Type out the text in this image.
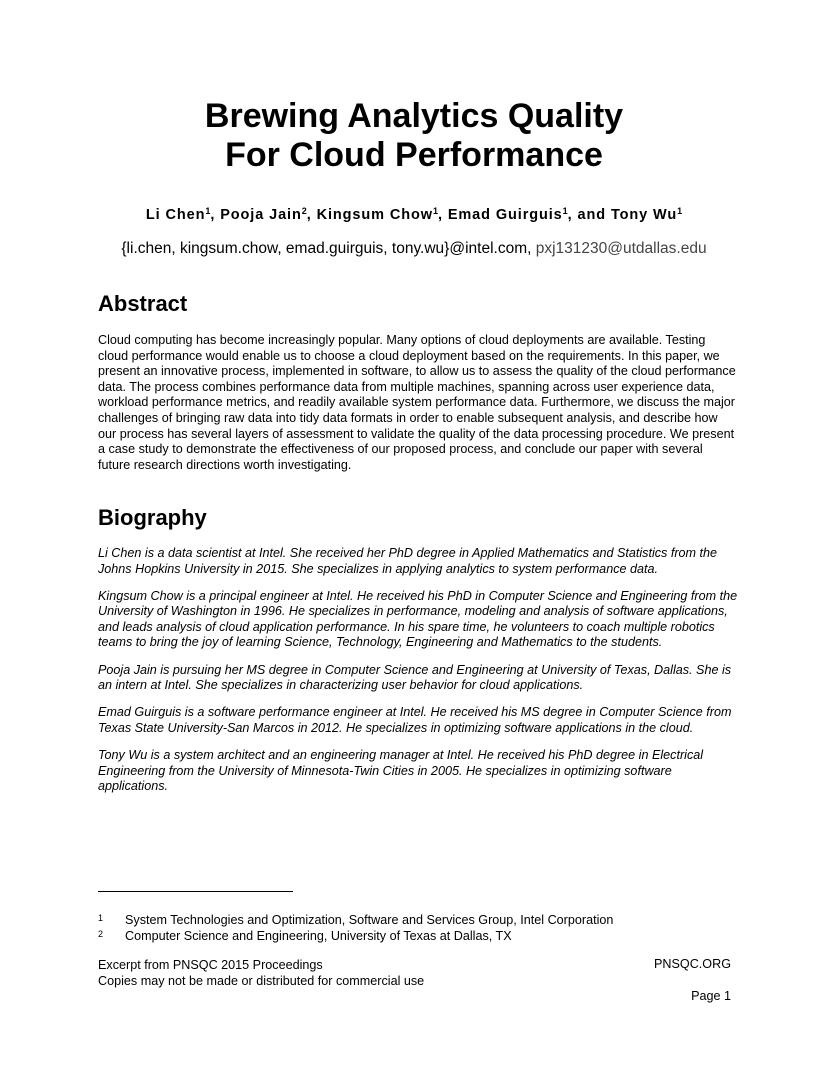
Brewing Analytics Quality
For Cloud Performance
Li Chen$^1$, Pooja Jain$^2$, Kingsum Chow$^1$, Emad Guirguis$^1$, and Tony Wu$^1$
{li.chen, kingsum.chow, emad.guirguis, tony.wu}@intel.com, pxj131230@utdallas.edu
Abstract

Cloud computing has become increasingly popular. Many options of cloud deployments are available. Testing cloud performance would enable us to choose a cloud deployment based on the requirements. In this paper, we present an innovative process, implemented in software, to allow us to assess the quality of the cloud performance data. The process combines performance data from multiple machines, spanning across user experience data, workload performance metrics, and readily available system performance data. Furthermore, we discuss the major challenges of bringing raw data into tidy data formats in order to enable subsequent analysis, and describe how our process has several layers of assessment to validate the quality of the data processing procedure. We present a case study to demonstrate the effectiveness of our proposed process, and conclude our paper with several future research directions worth investigating.

Biography

Li Chen is a data scientist at Intel. She received her PhD degree in Applied Mathematics and Statistics from the Johns Hopkins University in 2015. She specializes in applying analytics to system performance data.

Kingsum Chow is a principal engineer at Intel. He received his PhD in Computer Science and Engineering from the University of Washington in 1996. He specializes in performance, modeling and analysis of software applications, and leads analysis of cloud application performance. In his spare time, he volunteers to coach multiple robotics teams to bring the joy of learning Science, Technology, Engineering and Mathematics to the students.

Pooja Jain is pursuing her MS degree in Computer Science and Engineering at University of Texas, Dallas. She is an intern at Intel. She specializes in characterizing user behavior for cloud applications.

Emad Guirguis is a software performance engineer at Intel. He received his MS degree in Computer Science from Texas State University-San Marcos in 2012. He specializes in optimizing software applications in the cloud.

Tony Wu is a system architect and an engineering manager at Intel. He received his PhD degree in Electrical Engineering from the University of Minnesota-Twin Cities in 2005. He specializes in optimizing software applications.

1	System Technologies and Optimization, Software and Services Group, Intel Corporation
2	Computer Science and Engineering, University of Texas at Dallas, TX
Excerpt from PNSQC 2015 Proceedings
Copies may not be made or distributed for commercial use
PNSQC.ORG
Page 1
